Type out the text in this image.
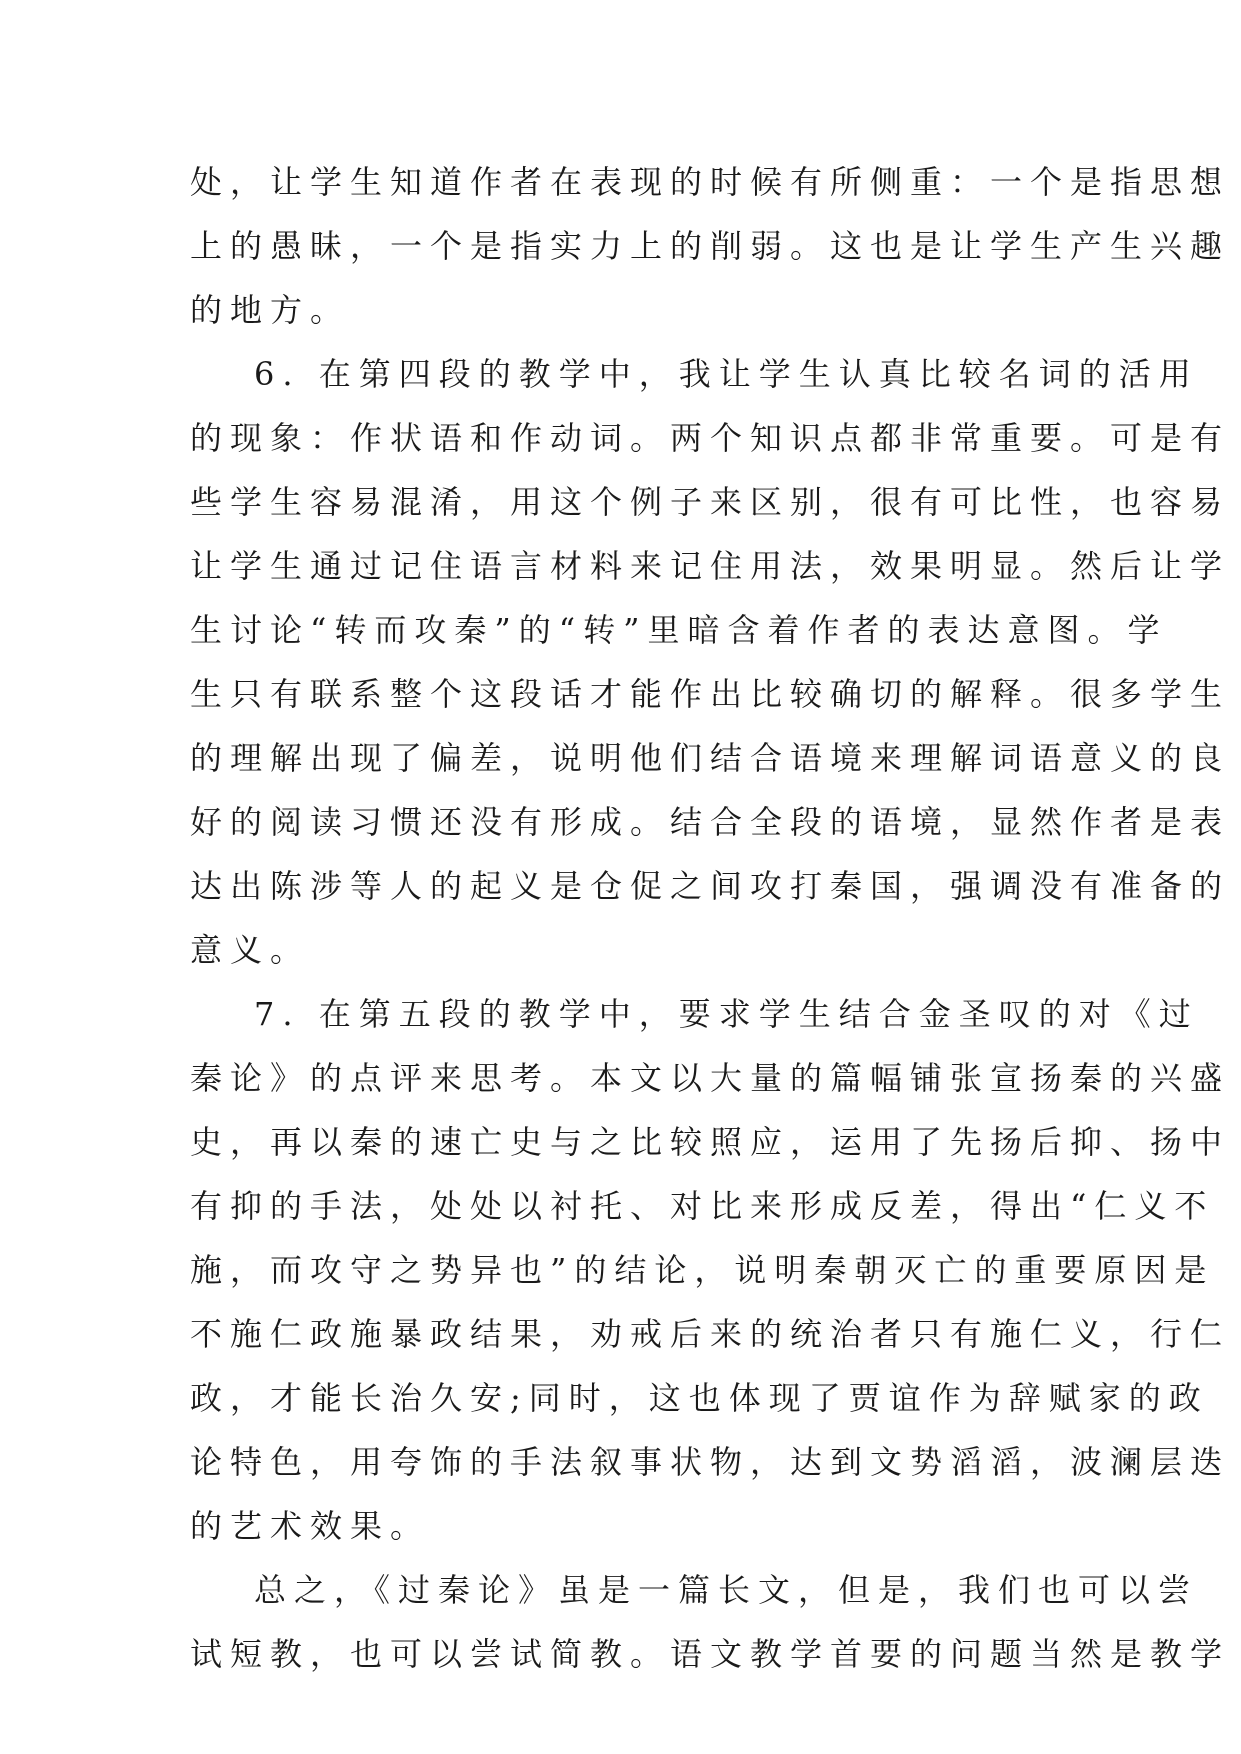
处，让学生知道作者在表现的时候有所侧重：一个是指思想
上的愚昧，一个是指实力上的削弱。这也是让学生产生兴趣
的地方。
6. 在第四段的教学中，我让学生认真比较名词的活用
的现象：作状语和作动词。两个知识点都非常重要。可是有
些学生容易混淆，用这个例子来区别，很有可比性，也容易
让学生通过记住语言材料来记住用法，效果明显。然后让学
生讨论“转而攻秦”的“转”里暗含着作者的表达意图。学
生只有联系整个这段话才能作出比较确切的解释。很多学生
的理解出现了偏差，说明他们结合语境来理解词语意义的良
好的阅读习惯还没有形成。结合全段的语境，显然作者是表
达出陈涉等人的起义是仓促之间攻打秦国，强调没有准备的
意义。
7. 在第五段的教学中，要求学生结合金圣叹的对《过
秦论》的点评来思考。本文以大量的篇幅铺张宣扬秦的兴盛
史，再以秦的速亡史与之比较照应，运用了先扬后抑、扬中
有抑的手法，处处以衬托、对比来形成反差，得出“仁义不
施，而攻守之势异也”的结论，说明秦朝灭亡的重要原因是
不施仁政施暴政结果，劝戒后来的统治者只有施仁义，行仁
政，才能长治久安;同时，这也体现了贾谊作为辞赋家的政
论特色，用夸饰的手法叙事状物，达到文势滔滔，波澜层迭
的艺术效果。
总之，《过秦论》虽是一篇长文，但是，我们也可以尝
试短教，也可以尝试简教。语文教学首要的问题当然是教学
